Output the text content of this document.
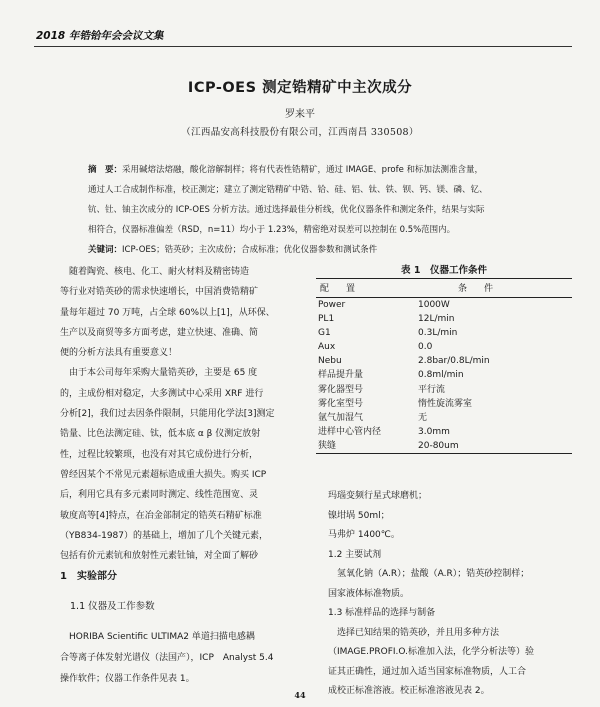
2018 年锆铪年会会议文集
ICP-OES 测定锆精矿中主次成分
罗来平
（江西晶安高科技股份有限公司，江西南昌 330508）
摘　要：采用碱熔法熔融，酸化溶解制样；将有代表性锆精矿，通过 IMAGE、profe 和标加法测准含量，
通过人工合成制作标准，校正测定；建立了测定锆精矿中锆、铪、硅、铝、钛、铁、钡、钙、镁、磷、钇、
钪、钍、铀主次成分的 ICP-OES 分析方法。通过选择最佳分析线，优化仪器条件和测定条件，结果与实际
相符合，仪器标准偏差（RSD，n=11）均小于 1.23%，精密绝对误差可以控制在 0.5%范围内。
关键词：ICP-OES；锆英砂；主次成份；合成标准；优化仪器参数和测试条件
　随着陶瓷、核电、化工、耐火材料及精密铸造
等行业对锆英砂的需求快速增长，中国消费锆精矿
量每年超过 70 万吨，占全球 60%以上[1]，从环保、
生产以及商贸等多方面考虑，建立快速、准确、简
便的分析方法具有重要意义！
　由于本公司每年采购大量锆英砂，主要是 65 度
的，主成份相对稳定，大多测试中心采用 XRF 进行
分析[2]，我们过去因条件限制，只能用化学法[3]测定
锆量、比色法测定硅、钛，低本底 α β 仪测定放射
性，过程比较繁琐，也没有对其它成份进行分析，
曾经因某个不常见元素超标造成重大损失。购买 ICP
后，利用它具有多元素同时测定、线性范围宽、灵
敏度高等[4]特点，在冶金部制定的锆英石精矿标准
（YB834-1987）的基础上，增加了几个关键元素，
包括有价元素钪和放射性元素钍铀，对全面了解砂
1　实验部分
1.1 仪器及工作参数
　HORIBA Scientific ULTIMA2 单道扫描电感耦
合等离子体发射光谱仪（法国产），ICP　Analyst 5.4
操作软件；仪器工作条件见表 1。
表 1　仪器工作条件
配　置	条　件
Power	1000W
PL1	12L/min
G1	0.3L/min
Aux	0.0
Nebu	2.8bar/0.8L/min
样品提升量	0.8ml/min
雾化器型号	平行流
雾化室型号	惰性旋流雾室
氩气加湿气	无
进样中心管内径	3.0mm
狭缝	20-80um
玛瑙变频行星式球磨机；
镍坩埚 50ml；
马弗炉 1400℃。
1.2 主要试剂
　氢氧化钠（A.R）；盐酸（A.R）；锆英砂控制样；
国家液体标准物质。
1.3 标准样品的选择与制备
　选择已知结果的锆英砂，并且用多种方法
（IMAGE.PROFI.O.标准加入法，化学分析法等）验
证其正确性，通过加入适当国家标准物质，人工合
成校正标准溶液。校正标准溶液见表 2。
44
